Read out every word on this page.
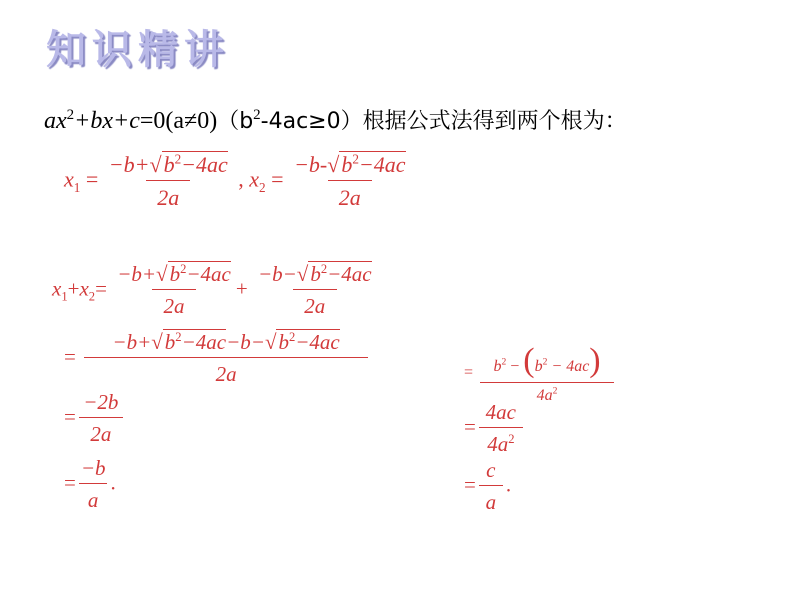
知识精讲
$ax^2+bx+c=0(a\ne 0)(b^2-4ac\ge 0)$根据公式法得到两个根为：
$x_1 = \frac{-b+√b^2-4ac}{2a}$ , $x_2 = \frac{-b-√b^2-4ac}{2a}$
$x_1+x_2= \frac{-b+√b^2-4ac}{2a} + \frac{-b-√b^2-4ac}{2a}$
= $\frac{-b+√b^2-4ac-b-√b^2-4ac}{2a}$
= $\frac{-2b}{2a}$
= $\frac{-b}{a}$ .
= $\frac{b^2 - (b^2 - 4ac)}{4a^2}$
= $\frac{4ac}{4a^2}$
= $\frac{c}{a}$ .
